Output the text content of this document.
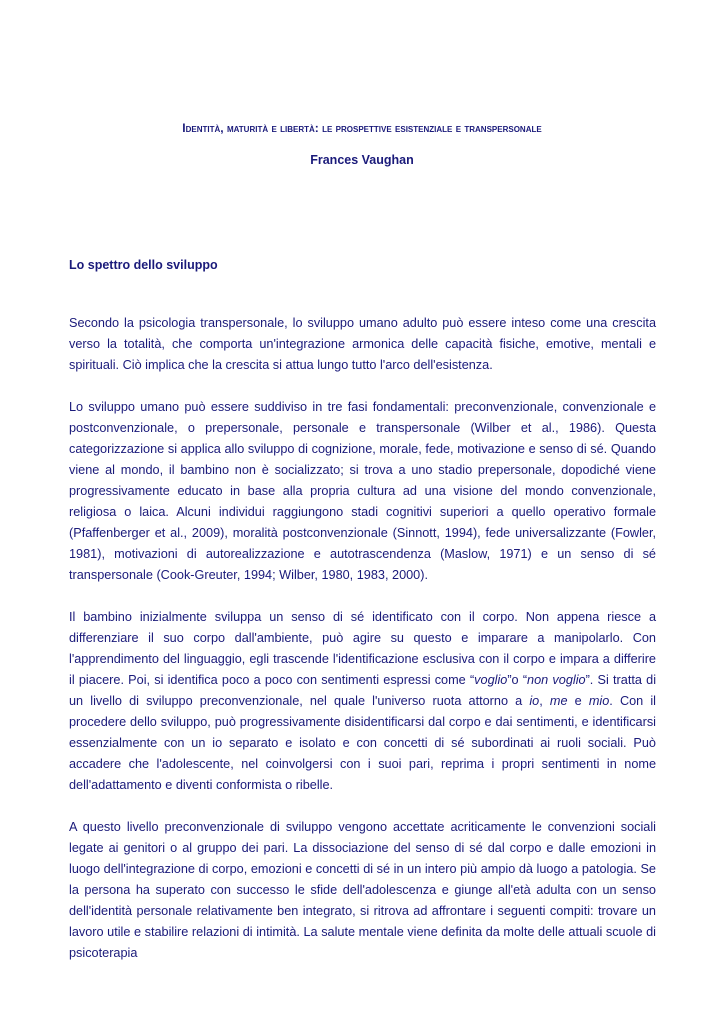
Identità, maturità e libertà: le prospettive esistenziale e transpersonale

Frances Vaughan

Lo spettro dello sviluppo

Secondo la psicologia transpersonale, lo sviluppo umano adulto può essere inteso come una crescita verso la totalità, che comporta un'integrazione armonica delle capacità fisiche, emotive, mentali e spirituali. Ciò implica che la crescita si attua lungo tutto l'arco dell'esistenza.

Lo sviluppo umano può essere suddiviso in tre fasi fondamentali: preconvenzionale, convenzionale e postconvenzionale, o prepersonale, personale e transpersonale (Wilber et al., 1986). Questa categorizzazione si applica allo sviluppo di cognizione, morale, fede, motivazione e senso di sé. Quando viene al mondo, il bambino non è socializzato; si trova a uno stadio prepersonale, dopodiché viene progressivamente educato in base alla propria cultura ad una visione del mondo convenzionale, religiosa o laica. Alcuni individui raggiungono stadi cognitivi superiori a quello operativo formale (Pfaffenberger et al., 2009), moralità postconvenzionale (Sinnott, 1994), fede universalizzante (Fowler, 1981), motivazioni di autorealizzazione e autotrascendenza (Maslow, 1971) e un senso di sé transpersonale (Cook-Greuter, 1994; Wilber, 1980, 1983, 2000).

Il bambino inizialmente sviluppa un senso di sé identificato con il corpo. Non appena riesce a differenziare il suo corpo dall'ambiente, può agire su questo e imparare a manipolarlo. Con l'apprendimento del linguaggio, egli trascende l'identificazione esclusiva con il corpo e impara a differire il piacere. Poi, si identifica poco a poco con sentimenti espressi come “voglio”o “non voglio”. Si tratta di un livello di sviluppo preconvenzionale, nel quale l'universo ruota attorno a io, me e mio. Con il procedere dello sviluppo, può progressivamente disidentificarsi dal corpo e dai sentimenti, e identificarsi essenzialmente con un io separato e isolato e con concetti di sé subordinati ai ruoli sociali. Può accadere che l'adolescente, nel coinvolgersi con i suoi pari, reprima i propri sentimenti in nome dell'adattamento e diventi conformista o ribelle.

A questo livello preconvenzionale di sviluppo vengono accettate acriticamente le convenzioni sociali legate ai genitori o al gruppo dei pari. La dissociazione del senso di sé dal corpo e dalle emozioni in luogo dell'integrazione di corpo, emozioni e concetti di sé in un intero più ampio dà luogo a patologia. Se la persona ha superato con successo le sfide dell'adolescenza e giunge all'età adulta con un senso dell'identità personale relativamente ben integrato, si ritrova ad affrontare i seguenti compiti: trovare un lavoro utile e stabilire relazioni di intimità. La salute mentale viene definita da molte delle attuali scuole di psicoterapia
